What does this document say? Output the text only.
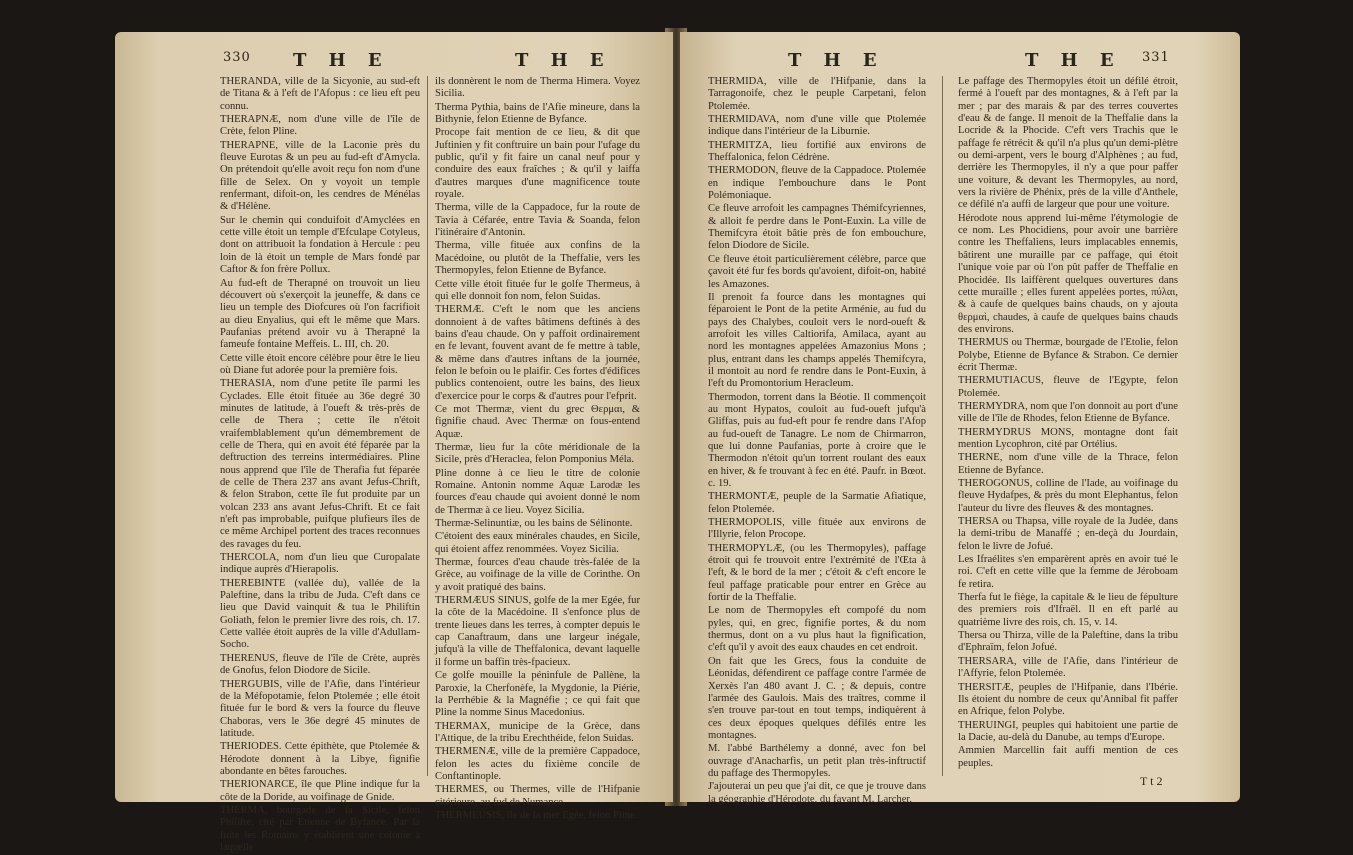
330 T H E	T H E

THERANDA, ville de la Sicyonie, au sud-eft de Titana & à l'eft de l'Afopus : ce lieu eft peu connu.

THERAPNÆ, nom d'une ville de l'île de Crète, felon Pline.

THERAPNE, ville de la Laconie près du fleuve Eurotas & un peu au fud-eft d'Amycla. On prétendoit qu'elle avoit reçu fon nom d'une fille de Selex. On y voyoit un temple renfermant, difoit-on, les cendres de Ménélas & d'Hélène.

Sur le chemin qui conduifoit d'Amyclées en cette ville étoit un temple d'Efculape Cotyleus, dont on attribuoit la fondation à Hercule : peu loin de là étoit un temple de Mars fondé par Caftor & fon frère Pollux.

Au fud-eft de Therapné on trouvoit un lieu découvert où s'exerçoit la jeuneffe, & dans ce lieu un temple des Diofcures où l'on facrifioit au dieu Enyalius, qui eft le même que Mars. Paufanias prétend avoir vu à Therapné la fameufe fontaine Meffeis. L. III, ch. 20.

Cette ville étoit encore célèbre pour être le lieu où Diane fut adorée pour la première fois.

THERASIA, nom d'une petite île parmi les Cyclades. Elle étoit fituée au 36e degré 30 minutes de latitude, à l'oueft & très-près de celle de Thera ; cette île n'étoit vraifemblablement qu'un démembrement de celle de Thera, qui en avoit été féparée par la deftruction des terreins intermédiaires. Pline nous apprend que l'île de Therafia fut féparée de celle de Thera 237 ans avant Jefus-Chrift, & felon Strabon, cette île fut produite par un volcan 233 ans avant Jefus-Chrift. Et ce fait n'eft pas improbable, puifque plufieurs îles de ce même Archipel portent des traces reconnues des ravages du feu.

THERCOLA, nom d'un lieu que Curopalate indique auprès d'Hierapolis.

THEREBINTE (vallée du), vallée de la Paleftine, dans la tribu de Juda. C'eft dans ce lieu que David vainquit & tua le Philiftin Goliath, felon le premier livre des rois, ch. 17. Cette vallée étoit auprès de la ville d'Adullam-Socho.

THERENUS, fleuve de l'île de Crète, auprès de Gnofus, felon Diodore de Sicile.

THERGUBIS, ville de l'Afie, dans l'intérieur de la Méfopotamie, felon Ptolemée ; elle étoit fituée fur le bord & vers la fource du fleuve Chaboras, vers le 36e degré 45 minutes de latitude.

THERIODES. Cette épithète, que Ptolemée & Hérodote donnent à la Libye, fignifie abondante en bêtes farouches.

THERIONARCE, île que Pline indique fur la côte de la Doride, au voifinage de Gnide.

THERMA, bourgade de la Sicile, felon Philifte, cité par Etienne de Byfance. Par la fuite les Romains y établirent une colonie à laquelle

ils donnèrent le nom de Therma Himera. Voyez Sicilia.

Therma Pythia, bains de l'Afie mineure, dans la Bithynie, felon Etienne de Byfance.

Procope fait mention de ce lieu, & dit que Juftinien y fit conftruire un bain pour l'ufage du public, qu'il y fit faire un canal neuf pour y conduire des eaux fraîches ; & qu'il y laiffa d'autres marques d'une magnificence toute royale.

Therma, ville de la Cappadoce, fur la route de Tavia à Céfarée, entre Tavia & Soanda, felon l'itinéraire d'Antonin.

Therma, ville fituée aux confins de la Macédoine, ou plutôt de la Theffalie, vers les Thermopyles, felon Etienne de Byfance.

Cette ville étoit fituée fur le golfe Thermeus, à qui elle donnoit fon nom, felon Suidas.

THERMÆ. C'eft le nom que les anciens donnoient à de vaftes bâtimens deftinés à des bains d'eau chaude. On y paffoit ordinairement en fe levant, fouvent avant de fe mettre à table, & même dans d'autres inftans de la journée, felon le befoin ou le plaifir. Ces fortes d'édifices publics contenoient, outre les bains, des lieux d'exercice pour le corps & d'autres pour l'efprit.

Ce mot Thermæ, vient du grec Θερμαι, & fignifie chaud. Avec Thermæ on fous-entend Aquæ.

Thermæ, lieu fur la côte méridionale de la Sicile, près d'Heraclea, felon Pomponius Méla.

Pline donne à ce lieu le titre de colonie Romaine. Antonin nomme Aquæ Larodæ les fources d'eau chaude qui avoient donné le nom de Thermæ à ce lieu. Voyez Sicilia.

Thermæ-Selinuntiæ, ou les bains de Sélinonte.

C'étoient des eaux minérales chaudes, en Sicile, qui étoient affez renommées. Voyez Sicilia.

Thermæ, fources d'eau chaude très-falée de la Grèce, au voifinage de la ville de Corinthe. On y avoit pratiqué des bains.

THERMÆUS SINUS, golfe de la mer Egée, fur la côte de la Macédoine. Il s'enfonce plus de trente lieues dans les terres, à compter depuis le cap Canaftraum, dans une largeur inégale, jufqu'à la ville de Theffalonica, devant laquelle il forme un baffin très-fpacieux.

Ce golfe mouille la péninfule de Pallène, la Paroxie, la Cherfonèfe, la Mygdonie, la Piérie, la Perrhébie & la Magnéfie ; ce qui fait que Pline la nomme Sinus Macedonius.

THERMAX, municipe de la Grèce, dans l'Attique, de la tribu Erechthéide, felon Suidas.

THERMENÆ, ville de la première Cappadoce, felon les actes du fixième concile de Conftantinople.

THERMES, ou Thermes, ville de l'Hifpanie citérieure, au fud de Numance.

THERMEUSIS, île de la mer Egée, felon Pline.

T H E	T H E 331

THERMIDA, ville de l'Hifpanie, dans la Tarragonoife, chez le peuple Carpetani, felon Ptolemée.

THERMIDAVA, nom d'une ville que Ptolemée indique dans l'intérieur de la Liburnie.

THERMITZA, lieu fortifié aux environs de Theffalonica, felon Cédrène.

THERMODON, fleuve de la Cappadoce. Ptolemée en indique l'embouchure dans le Pont Polémoniaque.

Ce fleuve arrofoit les campagnes Thémifcyriennes, & alloit fe perdre dans le Pont-Euxin. La ville de Themifcyra étoit bâtie près de fon embouchure, felon Diodore de Sicile.

Ce fleuve étoit particulièrement célèbre, parce que çavoit été fur fes bords qu'avoient, difoit-on, habité les Amazones.

Il prenoit fa fource dans les montagnes qui féparoient le Pont de la petite Arménie, au fud du pays des Chalybes, couloit vers le nord-oueft & arrofoit les villes Caltiorifa, Amilaca, ayant au nord les montagnes appelées Amazonius Mons ; plus, entrant dans les champs appelés Themifcyra, il montoit au nord fe rendre dans le Pont-Euxin, à l'eft du Promontorium Heracleum.

Thermodon, torrent dans la Béotie. Il commençoit au mont Hypatos, couloit au fud-oueft jufqu'à Gliffas, puis au fud-eft pour fe rendre dans l'Afop au fud-oueft de Tanagre. Le nom de Chirmarron, que lui donne Paufanias, porte à croire que le Thermodon n'étoit qu'un torrent roulant des eaux en hiver, & fe trouvant à fec en été. Paufr. in Bœot. c. 19.

THERMONTÆ, peuple de la Sarmatie Afiatique, felon Ptolemée.

THERMOPOLIS, ville fituée aux environs de l'Illyrie, felon Procope.

THERMOPYLÆ, (ou les Thermopyles), paffage étroit qui fe trouvoit entre l'extrémité de l'Œta à l'eft, & le bord de la mer ; c'étoit & c'eft encore le feul paffage praticable pour entrer en Grèce au fortir de la Theffalie.

Le nom de Thermopyles eft compofé du nom pyles, qui, en grec, fignifie portes, & du nom thermus, dont on a vu plus haut la fignification, c'eft qu'il y avoit des eaux chaudes en cet endroit.

On fait que les Grecs, fous la conduite de Léonidas, défendirent ce paffage contre l'armée de Xerxès l'an 480 avant J. C. ; & depuis, contre l'armée des Gaulois. Mais des traîtres, comme il s'en trouve par-tout en tout temps, indiquèrent à ces deux époques quelques défilés entre les montagnes.

M. l'abbé Barthélemy a donné, avec fon bel ouvrage d'Anacharfis, un petit plan très-inftructif du paffage des Thermopyles.

J'ajouterai un peu que j'ai dit, ce que je trouve dans la géographie d'Hérodote, du favant M. Larcher.

Le paffage des Thermopyles étoit un défilé étroit, fermé à l'oueft par des montagnes, & à l'eft par la mer ; par des marais & par des terres couvertes d'eau & de fange. Il menoit de la Theffalie dans la Locride & la Phocide. C'eft vers Trachis que le paffage fe rétrécit & qu'il n'a plus qu'un demi-plètre ou demi-arpent, vers le bourg d'Alphènes ; au fud, derrière les Thermopyles, il n'y a que pour paffer une voiture, & devant les Thermopyles, au nord, vers la rivière de Phénix, près de la ville d'Anthele, ce défilé n'a auffi de largeur que pour une voiture.

Hérodote nous apprend lui-même l'étymologie de ce nom. Les Phocidiens, pour avoir une barrière contre les Theffaliens, leurs implacables ennemis, bâtirent une muraille par ce paffage, qui étoit l'unique voie par où l'on pût paffer de Theffalie en Phocidée. Ils laiffèrent quelques ouvertures dans cette muraille ; elles furent appelées portes, πύλαι, & à caufe de quelques bains chauds, on y ajouta θερμαὶ, chaudes, à caufe de quelques bains chauds des environs.

THERMUS ou Thermæ, bourgade de l'Etolie, felon Polybe, Etienne de Byfance & Strabon. Ce dernier écrit Thermæ.

THERMUTIACUS, fleuve de l'Egypte, felon Ptolemée.

THERMYDRA, nom que l'on donnoit au port d'une ville de l'île de Rhodes, felon Etienne de Byfance.

THERMYDRUS MONS, montagne dont fait mention Lycophron, cité par Ortélius.

THERNE, nom d'une ville de la Thrace, felon Etienne de Byfance.

THEROGONUS, colline de l'Iade, au voifinage du fleuve Hydafpes, & près du mont Elephantus, felon l'auteur du livre des fleuves & des montagnes.

THERSA ou Thapsa, ville royale de la Judée, dans la demi-tribu de Manaffé ; en-deçà du Jourdain, felon le livre de Jofué.

Les Ifraélites s'en emparèrent après en avoir tué le roi. C'eft en cette ville que la femme de Jéroboam fe retira.

Therfa fut le fiège, la capitale & le lieu de fépulture des premiers rois d'Ifraël. Il en eft parlé au quatrième livre des rois, ch. 15, v. 14.

Thersa ou Thirza, ville de la Paleftine, dans la tribu d'Ephraïm, felon Jofué.

THERSARA, ville de l'Afie, dans l'intérieur de l'Affyrie, felon Ptolemée.

THERSITÆ, peuples de l'Hifpanie, dans l'Ibérie. Ils étoient du nombre de ceux qu'Annibal fit paffer en Afrique, felon Polybe.

THERUINGI, peuples qui habitoient une partie de la Dacie, au-delà du Danube, au temps d'Europe.

Ammien Marcellin fait auffi mention de ces peuples.

T t 2
